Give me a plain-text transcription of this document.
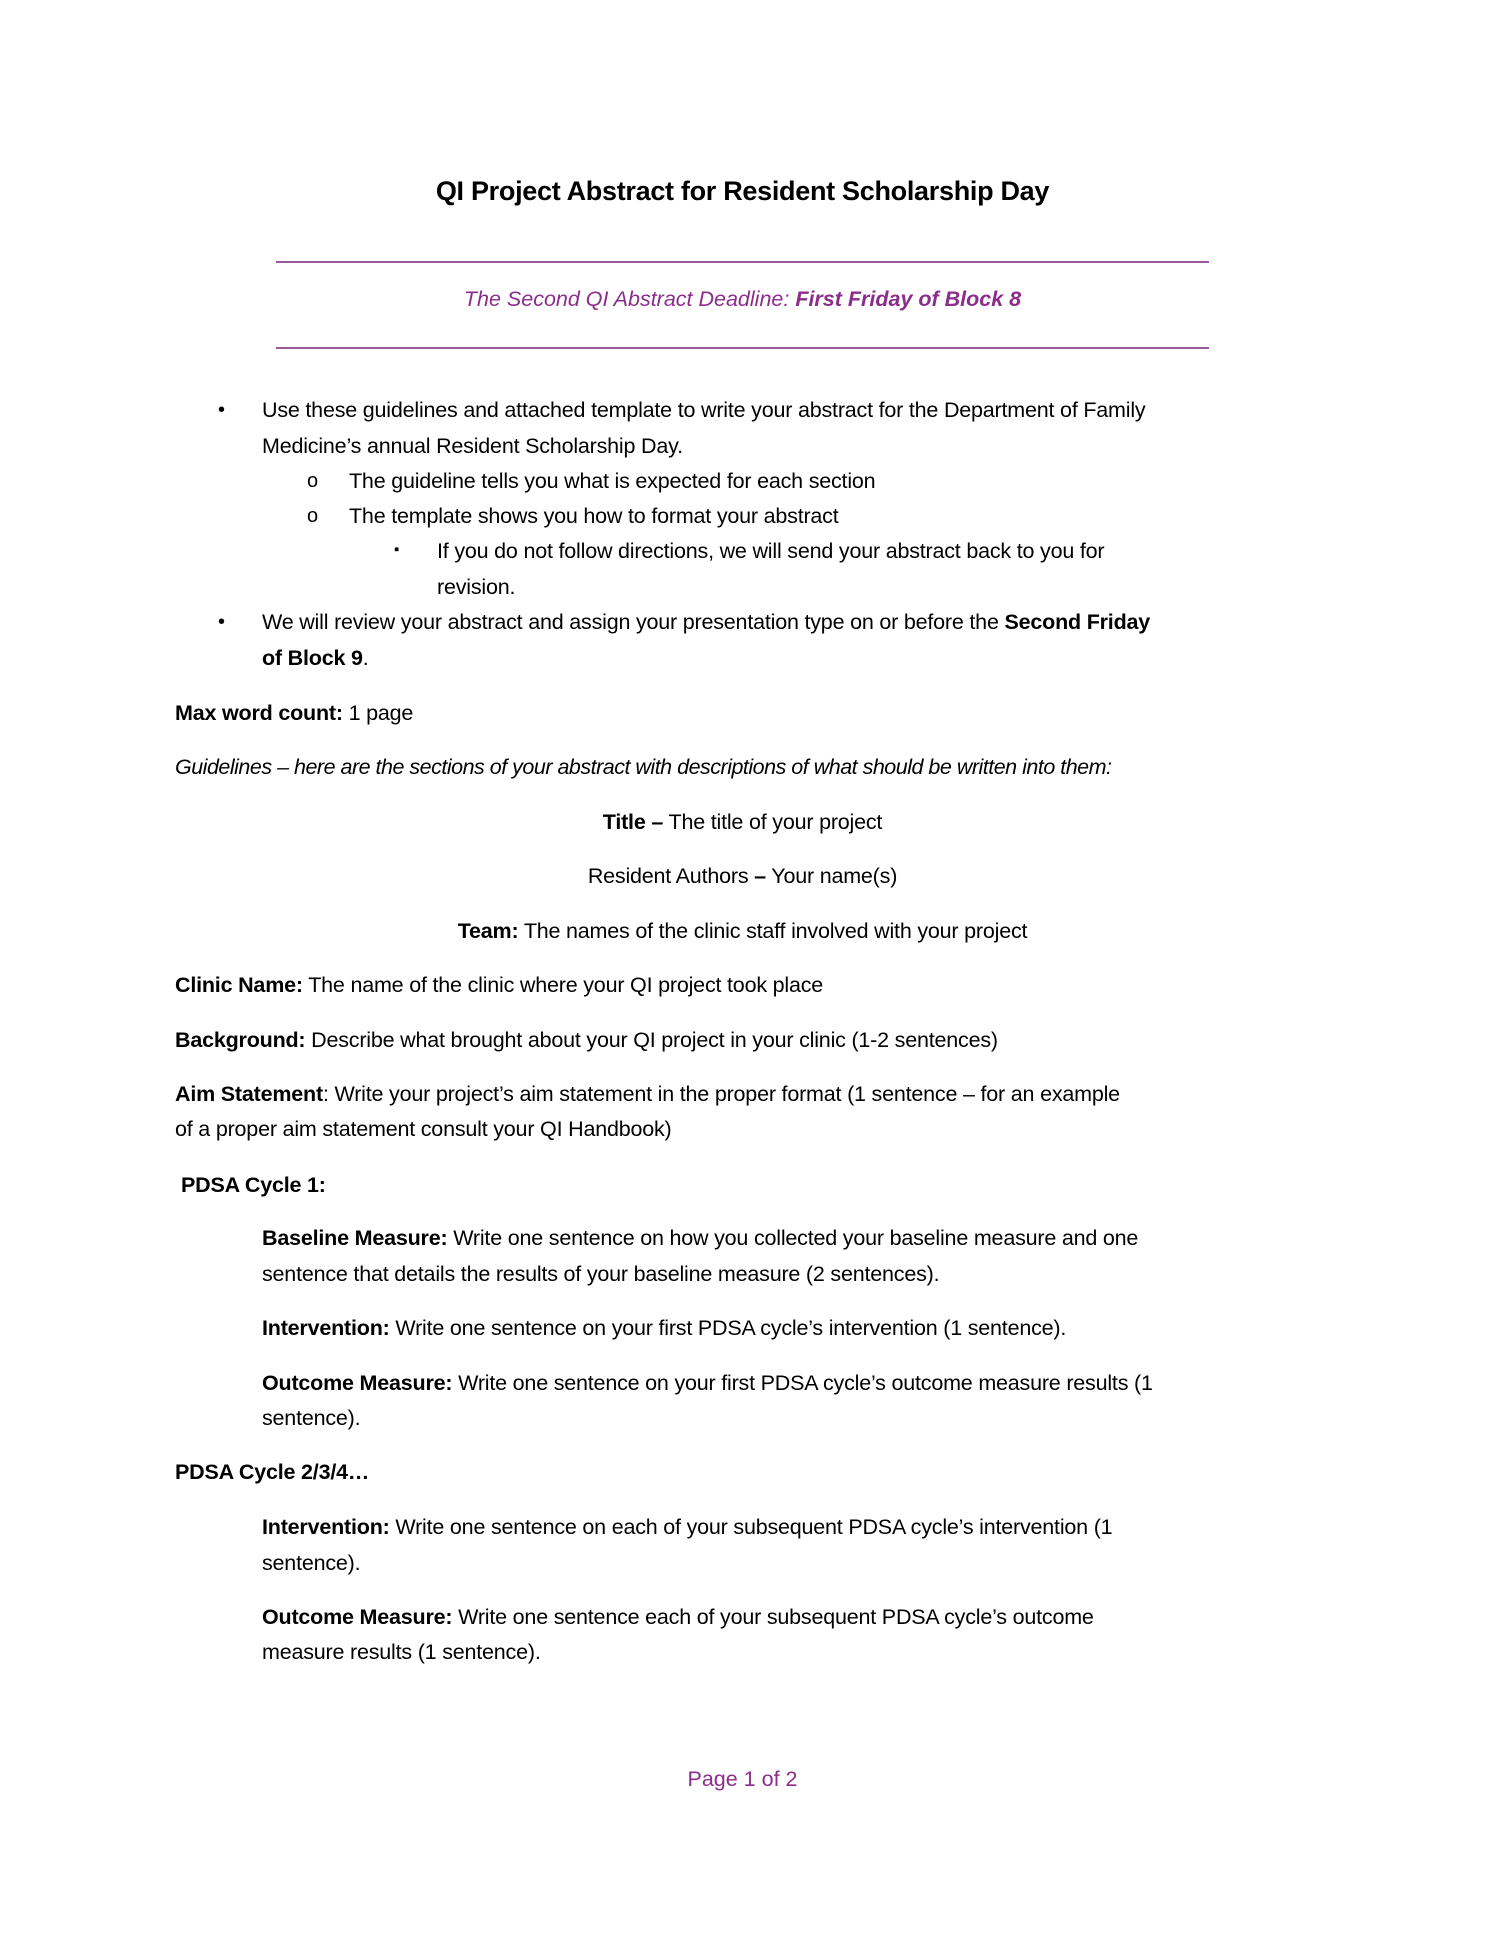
QI Project Abstract for Resident Scholarship Day
The Second QI Abstract Deadline: First Friday of Block 8
• Use these guidelines and attached template to write your abstract for the Department of Family
Medicine’s annual Resident Scholarship Day.
o The guideline tells you what is expected for each section
o The template shows you how to format your abstract
▪ If you do not follow directions, we will send your abstract back to you for
revision.
• We will review your abstract and assign your presentation type on or before the Second Friday
of Block 9.
Max word count: 1 page
Guidelines – here are the sections of your abstract with descriptions of what should be written into them:
Title – The title of your project
Resident Authors – Your name(s)
Team: The names of the clinic staff involved with your project
Clinic Name: The name of the clinic where your QI project took place
Background: Describe what brought about your QI project in your clinic (1-2 sentences)
Aim Statement: Write your project’s aim statement in the proper format (1 sentence – for an example
of a proper aim statement consult your QI Handbook)
PDSA Cycle 1:
Baseline Measure: Write one sentence on how you collected your baseline measure and one
sentence that details the results of your baseline measure (2 sentences).
Intervention: Write one sentence on your first PDSA cycle’s intervention (1 sentence).
Outcome Measure: Write one sentence on your first PDSA cycle’s outcome measure results (1
sentence).
PDSA Cycle 2/3/4…
Intervention: Write one sentence on each of your subsequent PDSA cycle’s intervention (1
sentence).
Outcome Measure: Write one sentence each of your subsequent PDSA cycle’s outcome
measure results (1 sentence).
Page 1 of 2
